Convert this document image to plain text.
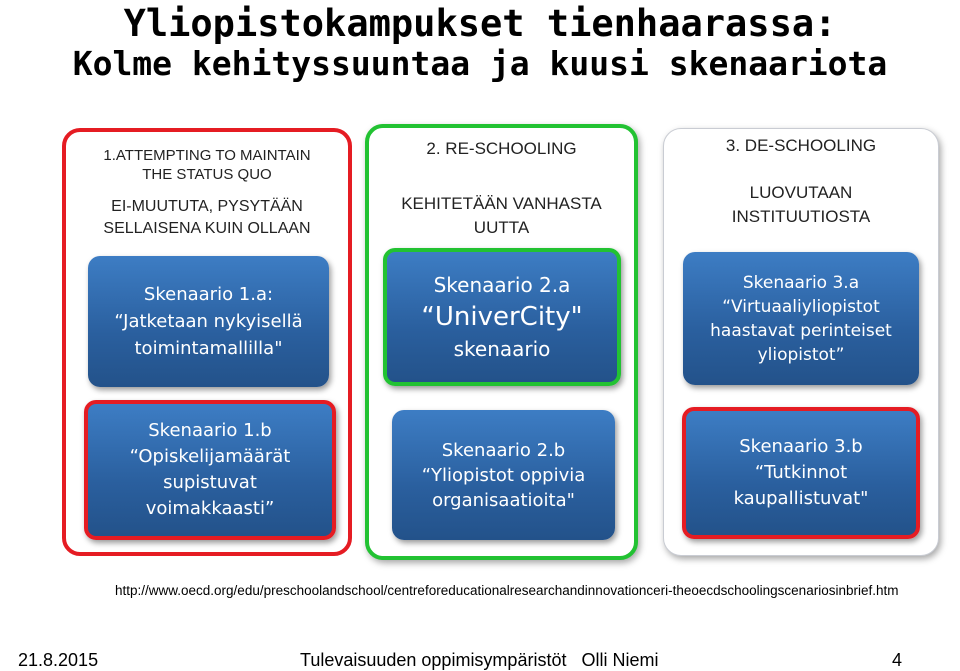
Yliopistokampukset tienhaarassa:
Kolme kehityssuuntaa ja kuusi skenaariota
1.ATTEMPTING TO MAINTAIN
THE STATUS QUO
EI-MUUTUTA, PYSYTÄÄN
SELLAISENA KUIN OLLAAN
Skenaario 1.a:
“Jatketaan nykyisellä
toimintamallilla"
Skenaario 1.b
“Opiskelijamäärät
supistuvat
voimakkaasti”
2. RE-SCHOOLING
KEHITETÄÄN VANHASTA
UUTTA
Skenaario 2.a
“UniverCity"
skenaario
Skenaario 2.b
“Yliopistot oppivia
organisaatioita"
3. DE-SCHOOLING
LUOVUTAAN
INSTITUUTIOSTA
Skenaario 3.a
“Virtuaaliyliopistot
haastavat perinteiset
yliopistot”
Skenaario 3.b
“Tutkinnot
kaupallistuvat"
http://www.oecd.org/edu/preschoolandschool/centreforeducationalresearchandinnovationceri-theoecdschoolingscenariosinbrief.htm
21.8.2015	Tulevaisuuden oppimisympäristöt   Olli Niemi	4
